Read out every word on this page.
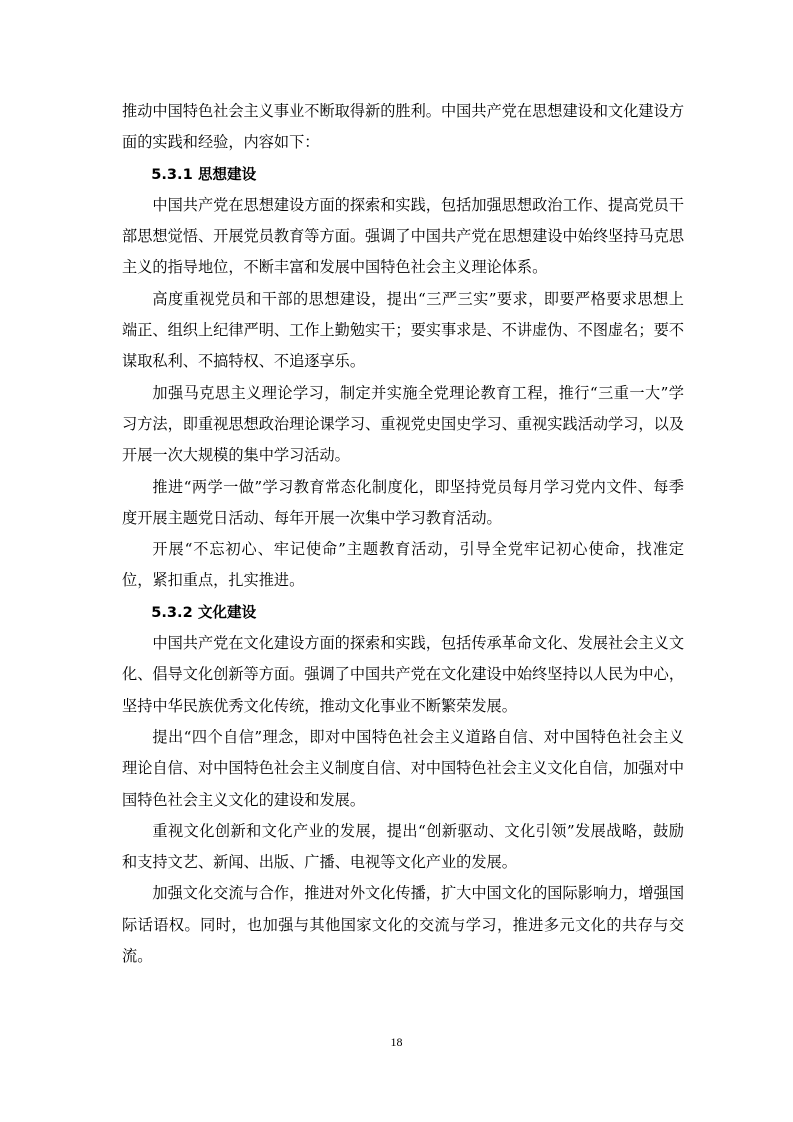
推动中国特色社会主义事业不断取得新的胜利。中国共产党在思想建设和文化建设方面的实践和经验，内容如下：

5.3.1 思想建设

中国共产党在思想建设方面的探索和实践，包括加强思想政治工作、提高党员干部思想觉悟、开展党员教育等方面。强调了中国共产党在思想建设中始终坚持马克思主义的指导地位，不断丰富和发展中国特色社会主义理论体系。

高度重视党员和干部的思想建设，提出“三严三实”要求，即要严格要求思想上端正、组织上纪律严明、工作上勤勉实干；要实事求是、不讲虚伪、不图虚名；要不谋取私利、不搞特权、不追逐享乐。

加强马克思主义理论学习，制定并实施全党理论教育工程，推行“三重一大”学习方法，即重视思想政治理论课学习、重视党史国史学习、重视实践活动学习，以及开展一次大规模的集中学习活动。

推进“两学一做”学习教育常态化制度化，即坚持党员每月学习党内文件、每季度开展主题党日活动、每年开展一次集中学习教育活动。

开展“不忘初心、牢记使命”主题教育活动，引导全党牢记初心使命，找准定位，紧扣重点，扎实推进。

5.3.2 文化建设

中国共产党在文化建设方面的探索和实践，包括传承革命文化、发展社会主义文化、倡导文化创新等方面。强调了中国共产党在文化建设中始终坚持以人民为中心，坚持中华民族优秀文化传统，推动文化事业不断繁荣发展。

提出“四个自信”理念，即对中国特色社会主义道路自信、对中国特色社会主义理论自信、对中国特色社会主义制度自信、对中国特色社会主义文化自信，加强对中国特色社会主义文化的建设和发展。

重视文化创新和文化产业的发展，提出“创新驱动、文化引领”发展战略，鼓励和支持文艺、新闻、出版、广播、电视等文化产业的发展。

加强文化交流与合作，推进对外文化传播，扩大中国文化的国际影响力，增强国际话语权。同时，也加强与其他国家文化的交流与学习，推进多元文化的共存与交流。

18
